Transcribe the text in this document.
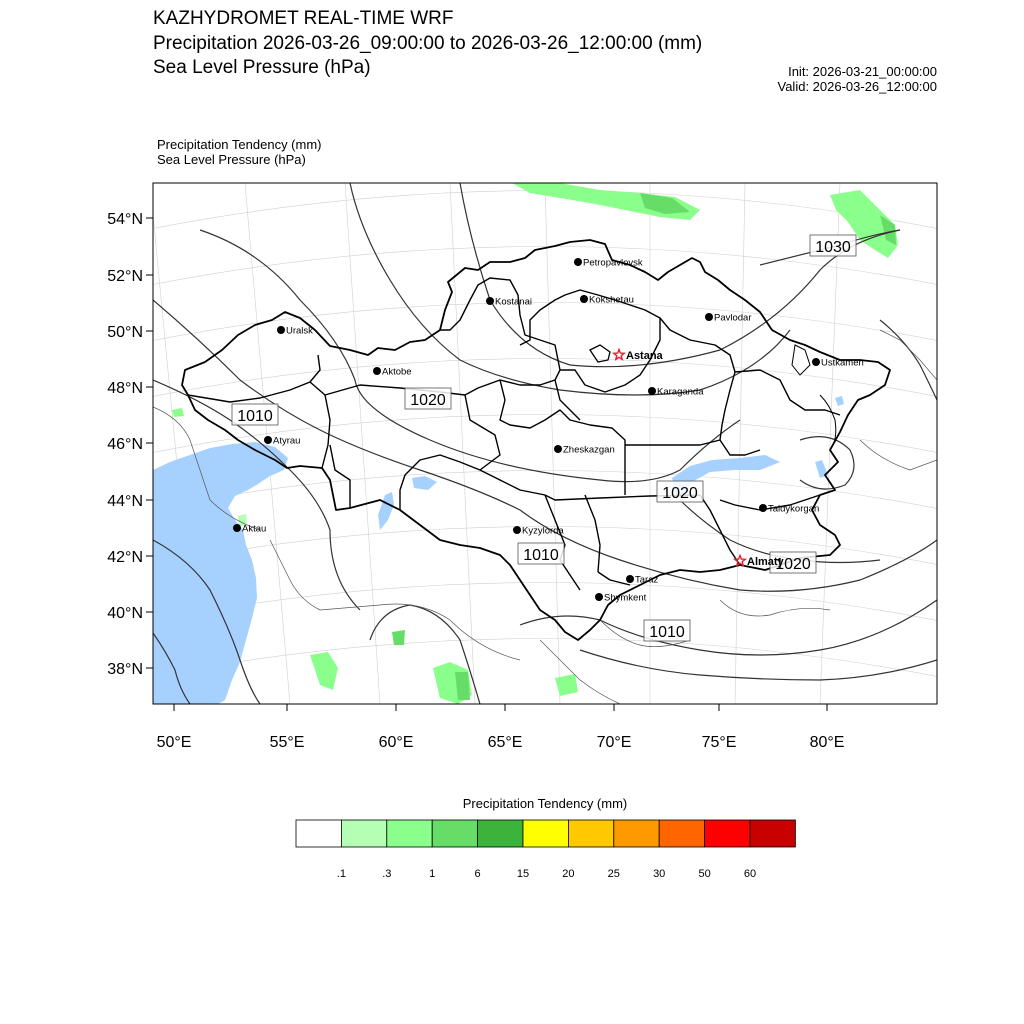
KAZHYDROMET REAL-TIME WRF
Precipitation 2026-03-26_09:00:00 to 2026-03-26_12:00:00 (mm)
Sea Level Pressure (hPa)	Init: 2026-03-21_00:00:00
Valid: 2026-03-26_12:00:00
Precipitation Tendency (mm)
Sea Level Pressure (hPa)
54°N
52°N
50°N
48°N
46°N
44°N
42°N
40°N
38°N
50°E	55°E	60°E	65°E	70°E	75°E	80°E
1030
1020
1010
1020
1010
1020
1010
Petropavlovsk
Kostanai	Kokshetau
Uralsk
Pavlodar
Astana
Aktobe
Ustkamen
Karaganda
Atyrau
Zheskazgan
Aktau	Kyzylorda
Taldykorgan
Almaty
Taraz
Shymkent
Precipitation Tendency (mm)
.1	.3	1	6	15	20	25	30	50	60
